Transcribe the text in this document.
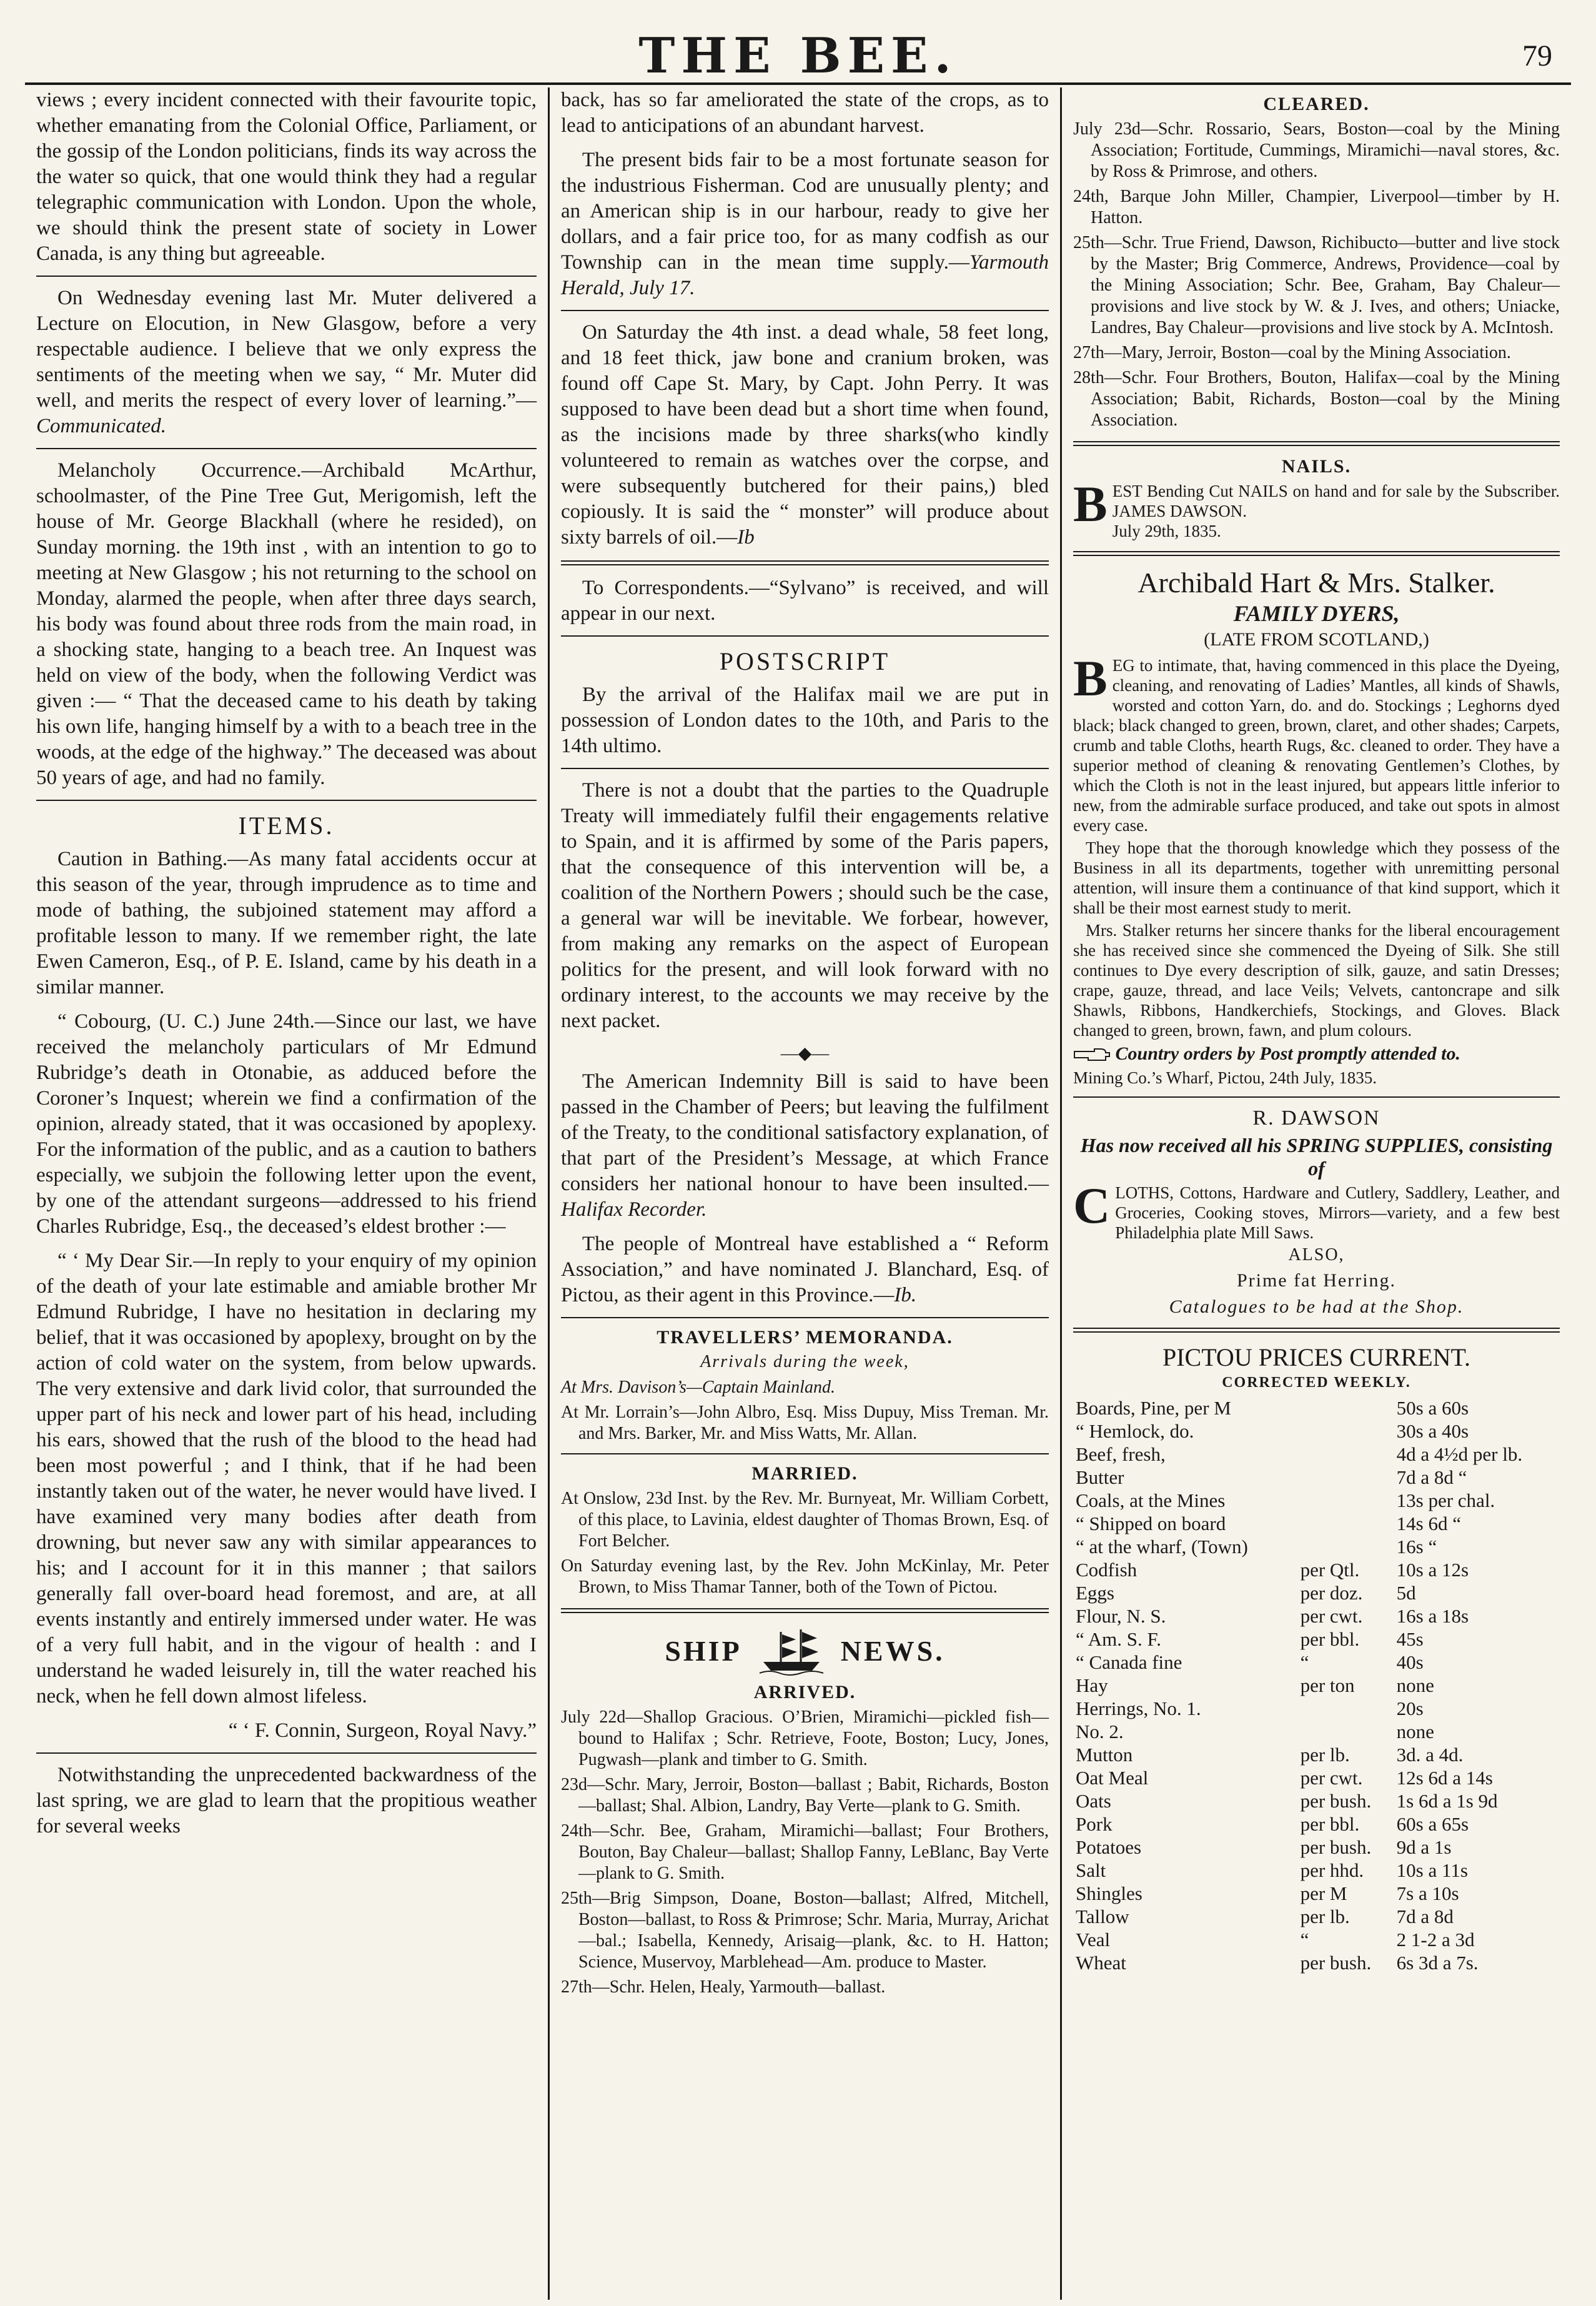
THE BEE.	79

views ; every incident connected with their favourite topic, whether emanating from the Colonial Office, Parliament, or the gossip of the London politicians, finds its way across the the water so quick, that one would think they had a regular telegraphic communication with London. Upon the whole, we should think the present state of society in Lower Canada, is any thing but agreeable.

On Wednesday evening last Mr. Muter delivered a Lecture on Elocution, in New Glasgow, before a very respectable audience. I believe that we only express the sentiments of the meeting when we say, “ Mr. Muter did well, and merits the respect of every lover of learning.”—Communicated.

Melancholy Occurrence.—Archibald McArthur, schoolmaster, of the Pine Tree Gut, Merigomish, left the house of Mr. George Blackhall (where he resided), on Sunday morning. the 19th inst , with an intention to go to meeting at New Glasgow ; his not returning to the school on Monday, alarmed the people, when after three days search, his body was found about three rods from the main road, in a shocking state, hanging to a beach tree. An Inquest was held on view of the body, when the following Verdict was given :— “ That the deceased came to his death by taking his own life, hanging himself by a with to a beach tree in the woods, at the edge of the highway.” The deceased was about 50 years of age, and had no family.

ITEMS.

Caution in Bathing.—As many fatal accidents occur at this season of the year, through imprudence as to time and mode of bathing, the subjoined statement may afford a profitable lesson to many. If we remember right, the late Ewen Cameron, Esq., of P. E. Island, came by his death in a similar manner.

“ Cobourg, (U. C.) June 24th.—Since our last, we have received the melancholy particulars of Mr Edmund Rubridge’s death in Otonabie, as adduced before the Coroner’s Inquest; wherein we find a confirmation of the opinion, already stated, that it was occasioned by apoplexy. For the information of the public, and as a caution to bathers especially, we subjoin the following letter upon the event, by one of the attendant surgeons—addressed to his friend Charles Rubridge, Esq., the deceased’s eldest brother :—

“ ‘ My Dear Sir.—In reply to your enquiry of my opinion of the death of your late estimable and amiable brother Mr Edmund Rubridge, I have no hesitation in declaring my belief, that it was occasioned by apoplexy, brought on by the action of cold water on the system, from below upwards. The very extensive and dark livid color, that surrounded the upper part of his neck and lower part of his head, including his ears, showed that the rush of the blood to the head had been most powerful ; and I think, that if he had been instantly taken out of the water, he never would have lived. I have examined very many bodies after death from drowning, but never saw any with similar appearances to his; and I account for it in this manner ; that sailors generally fall over-board head foremost, and are, at all events instantly and entirely immersed under water. He was of a very full habit, and in the vigour of health : and I understand he waded leisurely in, till the water reached his neck, when he fell down almost lifeless.

“ ‘ F. Connin, Surgeon, Royal Navy.”

Notwithstanding the unprecedented backwardness of the last spring, we are glad to learn that the propitious weather for several weeks

back, has so far ameliorated the state of the crops, as to lead to anticipations of an abundant harvest.

The present bids fair to be a most fortunate season for the industrious Fisherman. Cod are unusually plenty; and an American ship is in our harbour, ready to give her dollars, and a fair price too, for as many codfish as our Township can in the mean time supply.—Yarmouth Herald, July 17.

On Saturday the 4th inst. a dead whale, 58 feet long, and 18 feet thick, jaw bone and cranium broken, was found off Cape St. Mary, by Capt. John Perry. It was supposed to have been dead but a short time when found, as the incisions made by three sharks(who kindly volunteered to remain as watches over the corpse, and were subsequently butchered for their pains,) bled copiously. It is said the “ monster” will produce about sixty barrels of oil.—Ib

To Correspondents.—“Sylvano” is received, and will appear in our next.

POSTSCRIPT

By the arrival of the Halifax mail we are put in possession of London dates to the 10th, and Paris to the 14th ultimo.

There is not a doubt that the parties to the Quadruple Treaty will immediately fulfil their engagements relative to Spain, and it is affirmed by some of the Paris papers, that the consequence of this intervention will be, a coalition of the Northern Powers ; should such be the case, a general war will be inevitable. We forbear, however, from making any remarks on the aspect of European politics for the present, and will look forward with no ordinary interest, to the accounts we may receive by the next packet.

—◆—

The American Indemnity Bill is said to have been passed in the Chamber of Peers; but leaving the fulfilment of the Treaty, to the conditional satisfactory explanation, of that part of the President’s Message, at which France considers her national honour to have been insulted.—Halifax Recorder.

The people of Montreal have established a “ Reform Association,” and have nominated J. Blanchard, Esq. of Pictou, as their agent in this Province.—Ib.

TRAVELLERS’ MEMORANDA.
Arrivals during the week,

At Mrs. Davison’s—Captain Mainland.

At Mr. Lorrain’s—John Albro, Esq. Miss Dupuy, Miss Treman. Mr. and Mrs. Barker, Mr. and Miss Watts, Mr. Allan.

MARRIED.

At Onslow, 23d Inst. by the Rev. Mr. Burnyeat, Mr. William Corbett, of this place, to Lavinia, eldest daughter of Thomas Brown, Esq. of Fort Belcher.

On Saturday evening last, by the Rev. John McKinlay, Mr. Peter Brown, to Miss Thamar Tanner, both of the Town of Pictou.

SHIP	NEWS.
ARRIVED.

July 22d—Shallop Gracious. O’Brien, Miramichi—pickled fish—bound to Halifax ; Schr. Retrieve, Foote, Boston; Lucy, Jones, Pugwash—plank and timber to G. Smith.

23d—Schr. Mary, Jerroir, Boston—ballast ; Babit, Richards, Boston—ballast; Shal. Albion, Landry, Bay Verte—plank to G. Smith.

24th—Schr. Bee, Graham, Miramichi—ballast; Four Brothers, Bouton, Bay Chaleur—ballast; Shallop Fanny, LeBlanc, Bay Verte—plank to G. Smith.

25th—Brig Simpson, Doane, Boston—ballast; Alfred, Mitchell, Boston—ballast, to Ross & Primrose; Schr. Maria, Murray, Arichat—bal.; Isabella, Kennedy, Arisaig—plank, &c. to H. Hatton; Science, Muservoy, Marblehead—Am. produce to Master.

27th—Schr. Helen, Healy, Yarmouth—ballast.

CLEARED.

July 23d—Schr. Rossario, Sears, Boston—coal by the Mining Association; Fortitude, Cummings, Miramichi—naval stores, &c. by Ross & Primrose, and others.

24th, Barque John Miller, Champier, Liverpool—timber by H. Hatton.

25th—Schr. True Friend, Dawson, Richibucto—butter and live stock by the Master; Brig Commerce, Andrews, Providence—coal by the Mining Association; Schr. Bee, Graham, Bay Chaleur—provisions and live stock by W. & J. Ives, and others; Uniacke, Landres, Bay Chaleur—provisions and live stock by A. McIntosh.

27th—Mary, Jerroir, Boston—coal by the Mining Association.

28th—Schr. Four Brothers, Bouton, Halifax—coal by the Mining Association; Babit, Richards, Boston—coal by the Mining Association.

NAILS.

BEST Bending Cut NAILS on hand and for sale by the Subscriber. JAMES DAWSON.
July 29th, 1835.

Archibald Hart & Mrs. Stalker.
FAMILY DYERS,
(LATE FROM SCOTLAND,)

BEG to intimate, that, having commenced in this place the Dyeing, cleaning, and renovating of Ladies’ Mantles, all kinds of Shawls, worsted and cotton Yarn, do. and do. Stockings ; Leghorns dyed black; black changed to green, brown, claret, and other shades; Carpets, crumb and table Cloths, hearth Rugs, &c. cleaned to order. They have a superior method of cleaning & renovating Gentlemen’s Clothes, by which the Cloth is not in the least injured, but appears little inferior to new, from the admirable surface produced, and take out spots in almost every case.

They hope that the thorough knowledge which they possess of the Business in all its departments, together with unremitting personal attention, will insure them a continuance of that kind support, which it shall be their most earnest study to merit.

Mrs. Stalker returns her sincere thanks for the liberal encouragement she has received since she commenced the Dyeing of Silk. She still continues to Dye every description of silk, gauze, and satin Dresses; crape, gauze, thread, and lace Veils; Velvets, cantoncrape and silk Shawls, Ribbons, Handkerchiefs, Stockings, and Gloves. Black changed to green, brown, fawn, and plum colours.

Country orders by Post promptly attended to.

Mining Co.’s Wharf, Pictou, 24th July, 1835.

R. DAWSON
Has now received all his SPRING SUPPLIES, consisting of

CLOTHS, Cottons, Hardware and Cutlery, Saddlery, Leather, and Groceries, Cooking stoves, Mirrors—variety, and a few best Philadelphia plate Mill Saws.

ALSO,
Prime fat Herring.
Catalogues to be had at the Shop.
PICTOU PRICES CURRENT.
CORRECTED WEEKLY.
Boards, Pine, per M		50s a 60s
“ Hemlock, do.		30s a 40s
Beef, fresh,		4d a 4½d per lb.
Butter		7d a 8d “
Coals, at the Mines		13s per chal.
“ Shipped on board		14s 6d “
“ at the wharf, (Town)		16s “
Codfish	per Qtl.	10s a 12s
Eggs	per doz.	5d
Flour, N. S.	per cwt.	16s a 18s
“ Am. S. F.	per bbl.	45s
“ Canada fine	“	40s
Hay	per ton	none
Herrings, No. 1.		20s
No. 2.		none
Mutton	per lb.	3d. a 4d.
Oat Meal	per cwt.	12s 6d a 14s
Oats	per bush.	1s 6d a 1s 9d
Pork	per bbl.	60s a 65s
Potatoes	per bush.	9d a 1s
Salt	per hhd.	10s a 11s
Shingles	per M	7s a 10s
Tallow	per lb.	7d a 8d
Veal	“	2 1-2 a 3d
Wheat	per bush.	6s 3d a 7s.
